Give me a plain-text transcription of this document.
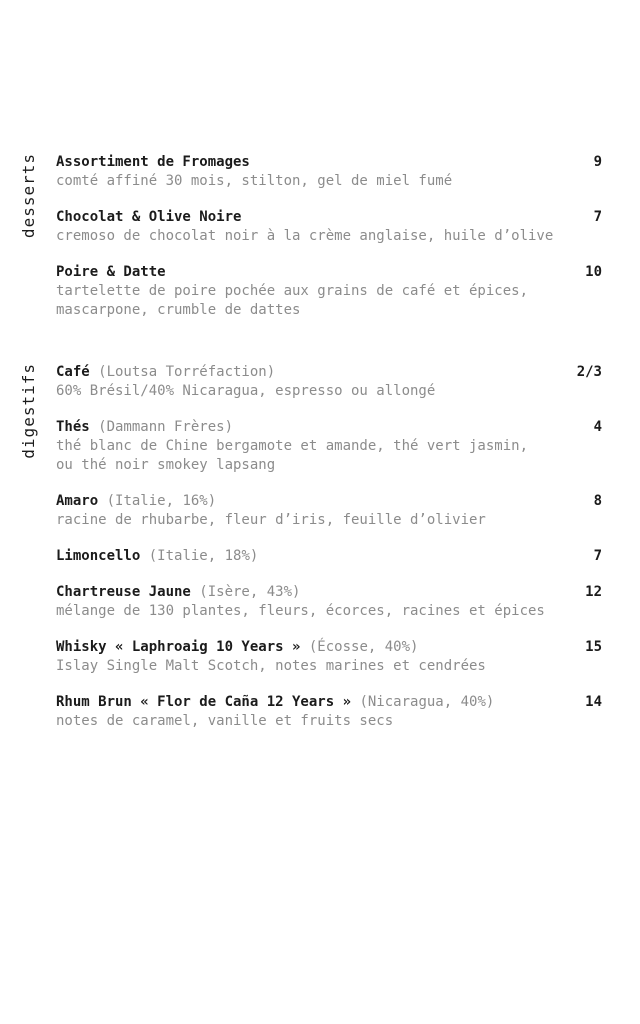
desserts Assortiment de Fromages	9
comté affiné 30 mois, stilton, gel de miel fumé
Chocolat & Olive Noire	7
cremoso de chocolat noir à la crème anglaise, huile d’olive
Poire & Datte	10
tartelette de poire pochée aux grains de café et épices,
mascarpone, crumble de dattes
digestifs Café (Loutsa Torréfaction)	2/3
60% Brésil/40% Nicaragua, espresso ou allongé
Thés (Dammann Frères)	4
thé blanc de Chine bergamote et amande, thé vert jasmin,
ou thé noir smokey lapsang
Amaro (Italie, 16%)	8
racine de rhubarbe, fleur d’iris, feuille d’olivier
Limoncello (Italie, 18%)	7
Chartreuse Jaune (Isère, 43%)	12
mélange de 130 plantes, fleurs, écorces, racines et épices
Whisky « Laphroaig 10 Years » (Écosse, 40%)	15
Islay Single Malt Scotch, notes marines et cendrées
Rhum Brun « Flor de Caña 12 Years » (Nicaragua, 40%)	14
notes de caramel, vanille et fruits secs
